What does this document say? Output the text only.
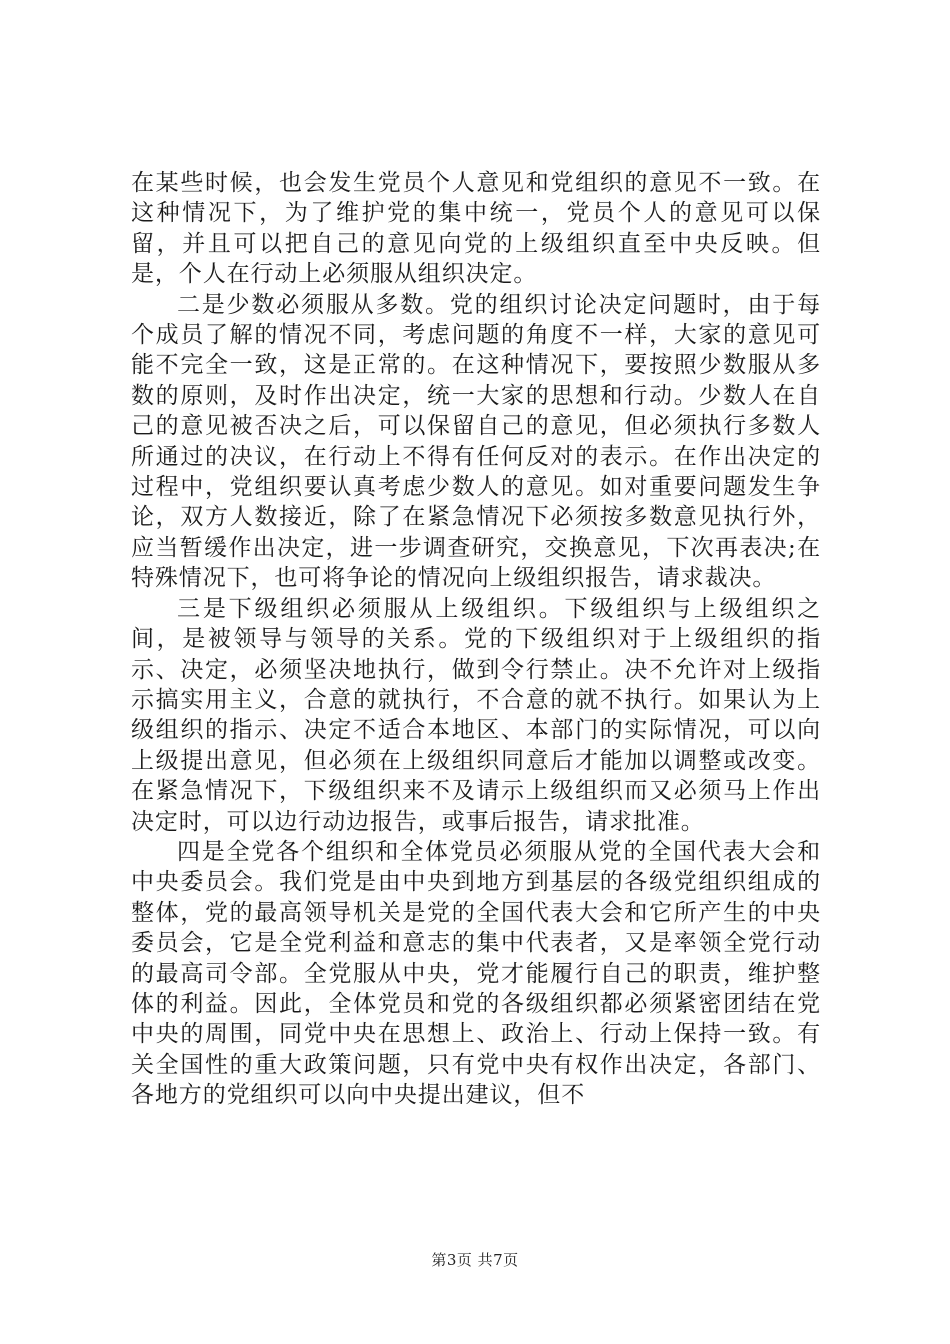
在某些时候，也会发生党员个人意见和党组织的意见不一致。在这种情况下，为了维护党的集中统一，党员个人的意见可以保留，并且可以把自己的意见向党的上级组织直至中央反映。但是，个人在行动上必须服从组织决定。

二是少数必须服从多数。党的组织讨论决定问题时，由于每个成员了解的情况不同，考虑问题的角度不一样，大家的意见可能不完全一致，这是正常的。在这种情况下，要按照少数服从多数的原则，及时作出决定，统一大家的思想和行动。少数人在自己的意见被否决之后，可以保留自己的意见，但必须执行多数人所通过的决议，在行动上不得有任何反对的表示。在作出决定的过程中，党组织要认真考虑少数人的意见。如对重要问题发生争论，双方人数接近，除了在紧急情况下必须按多数意见执行外，应当暂缓作出决定，进一步调查研究，交换意见，下次再表决;在特殊情况下，也可将争论的情况向上级组织报告，请求裁决。

三是下级组织必须服从上级组织。下级组织与上级组织之间，是被领导与领导的关系。党的下级组织对于上级组织的指示、决定，必须坚决地执行，做到令行禁止。决不允许对上级指示搞实用主义，合意的就执行，不合意的就不执行。如果认为上级组织的指示、决定不适合本地区、本部门的实际情况，可以向上级提出意见，但必须在上级组织同意后才能加以调整或改变。在紧急情况下，下级组织来不及请示上级组织而又必须马上作出决定时，可以边行动边报告，或事后报告，请求批准。

四是全党各个组织和全体党员必须服从党的全国代表大会和中央委员会。我们党是由中央到地方到基层的各级党组织组成的整体，党的最高领导机关是党的全国代表大会和它所产生的中央委员会，它是全党利益和意志的集中代表者，又是率领全党行动的最高司令部。全党服从中央，党才能履行自己的职责，维护整体的利益。因此，全体党员和党的各级组织都必须紧密团结在党中央的周围，同党中央在思想上、政治上、行动上保持一致。有关全国性的重大政策问题，只有党中央有权作出决定，各部门、各地方的党组织可以向中央提出建议，但不

第3页 共7页
